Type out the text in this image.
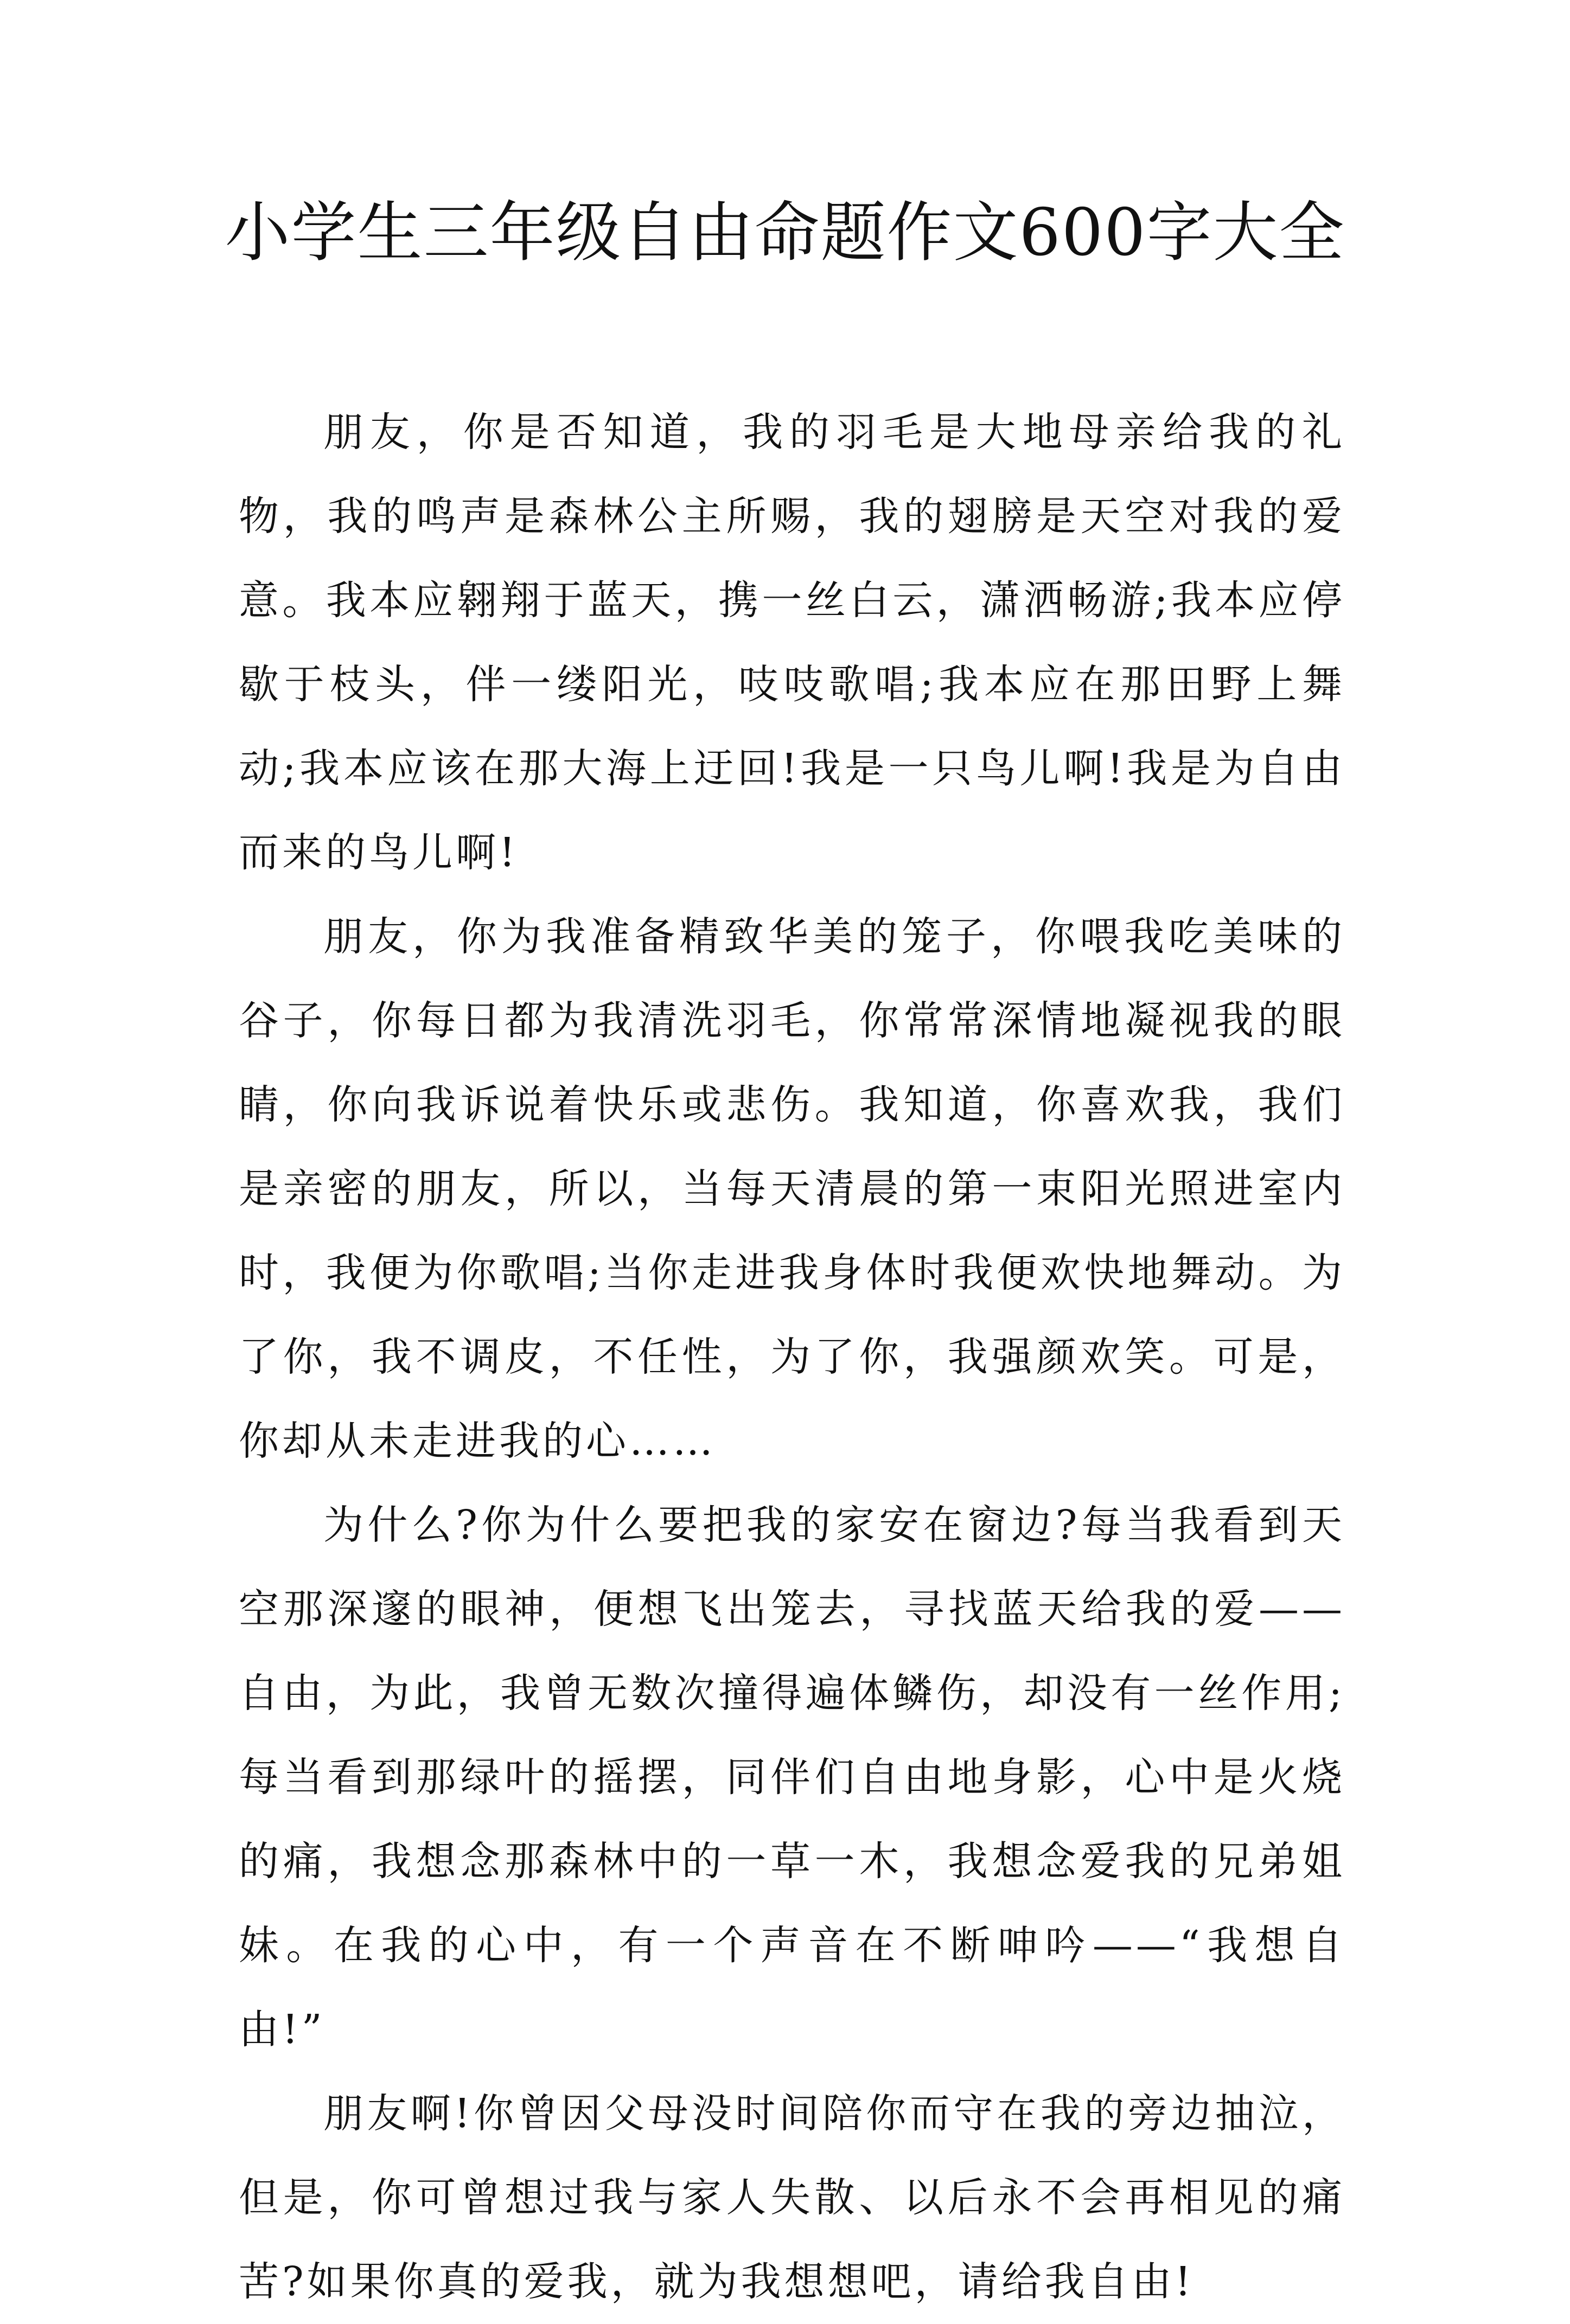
小学生三年级自由命题作文600字大全

朋友，你是否知道，我的羽毛是大地母亲给我的礼物，我的鸣声是森林公主所赐，我的翅膀是天空对我的爱意。我本应翱翔于蓝天，携一丝白云，潇洒畅游;我本应停歇于枝头，伴一缕阳光，吱吱歌唱;我本应在那田野上舞动;我本应该在那大海上迂回!我是一只鸟儿啊!我是为自由而来的鸟儿啊!

朋友，你为我准备精致华美的笼子，你喂我吃美味的谷子，你每日都为我清洗羽毛，你常常深情地凝视我的眼睛，你向我诉说着快乐或悲伤。我知道，你喜欢我，我们是亲密的朋友，所以，当每天清晨的第一束阳光照进室内时，我便为你歌唱;当你走进我身体时我便欢快地舞动。为了你，我不调皮，不任性，为了你，我强颜欢笑。可是，你却从未走进我的心……

为什么?你为什么要把我的家安在窗边?每当我看到天空那深邃的眼神，便想飞出笼去，寻找蓝天给我的爱——自由，为此，我曾无数次撞得遍体鳞伤，却没有一丝作用;每当看到那绿叶的摇摆，同伴们自由地身影，心中是火烧的痛，我想念那森林中的一草一木，我想念爱我的兄弟姐妹。在我的心中，有一个声音在不断呻吟——“我想自由!”

朋友啊!你曾因父母没时间陪你而守在我的旁边抽泣，但是，你可曾想过我与家人失散、以后永不会再相见的痛苦?如果你真的爱我，就为我想想吧，请给我自由!
